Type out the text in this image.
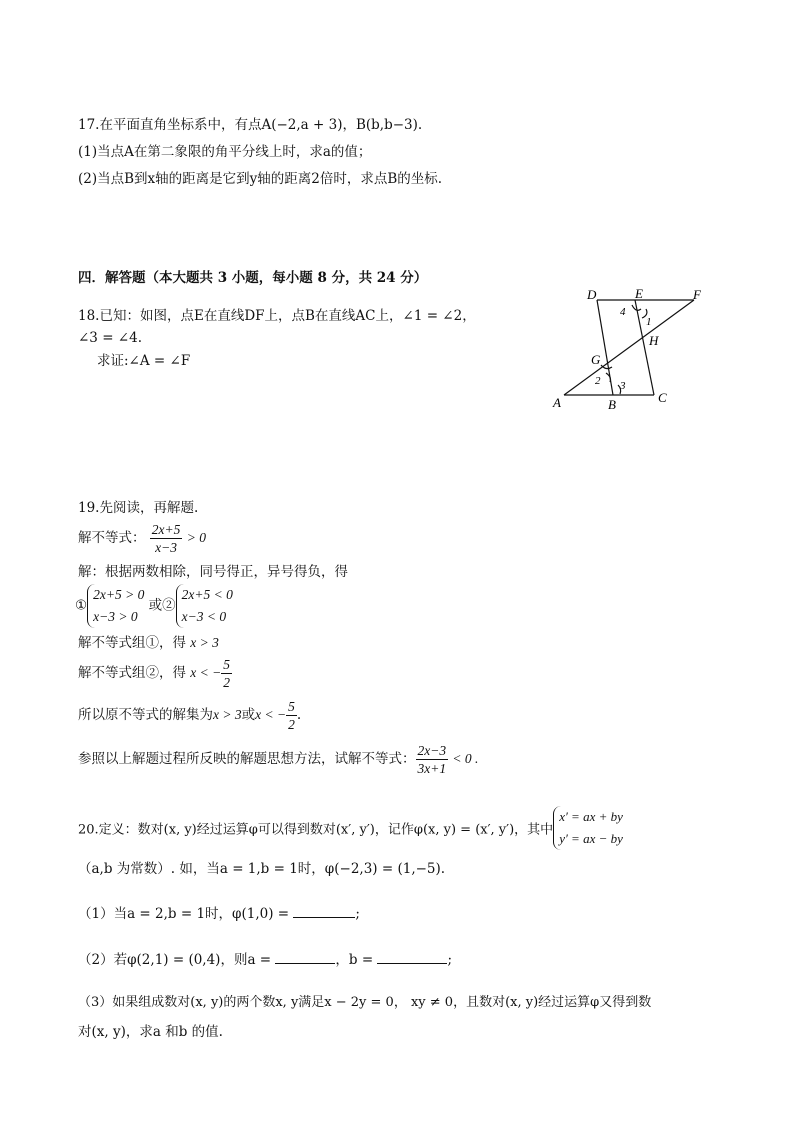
17.在平面直角坐标系中，有点A(−2,a + 3)，B(b,b−3).
(1)当点A在第二象限的角平分线上时，求a的值；
(2)当点B到x轴的距离是它到y轴的距离2倍时，求点B的坐标.
四．解答题（本大题共 3 小题，每小题 8 分，共 24 分）
18.已知：如图，点E在直线DF上，点B在直线AC上，∠1 = ∠2，
∠3 = ∠4.
求证:∠A = ∠F
D	E	F
G
H
A	B	C
1
2 3
4
19.先阅读，再解题.
解不等式： $\frac{2x+5}{x-3} > 0$
解：根据两数相除，同号得正，异号得负，得
①
2x+5 > 0
x−3 > 0
或②
2x+5 < 0
x−3 < 0
解不等式组①，得 x > 3
解不等式组②，得 x < − $\frac{5}{2}$
所以原不等式的解集为x > 3或x < − $\frac{5}{2}$ .
参照以上解题过程所反映的解题思想方法，试解不等式： $\frac{2x-3}{3x+1} < 0$ .
20.定义：数对(x, y)经过运算φ可以得到数对(x′, y′)，记作φ(x, y) = (x′, y′)，其中
x′ = ax + by
y′ = ax − by
（a,b 为常数）. 如，当a = 1,b = 1时，φ(−2,3) = (1,−5).
（1）当a = 2,b = 1时，φ(1,0) =	;
（2）若φ(2,1) = (0,4)，则a =	，b =	;
（3）如果组成数对(x, y)的两个数x, y满足x − 2y = 0， xy ≠ 0，且数对(x, y)经过运算φ又得到数
对(x, y)，求a 和b 的值.
